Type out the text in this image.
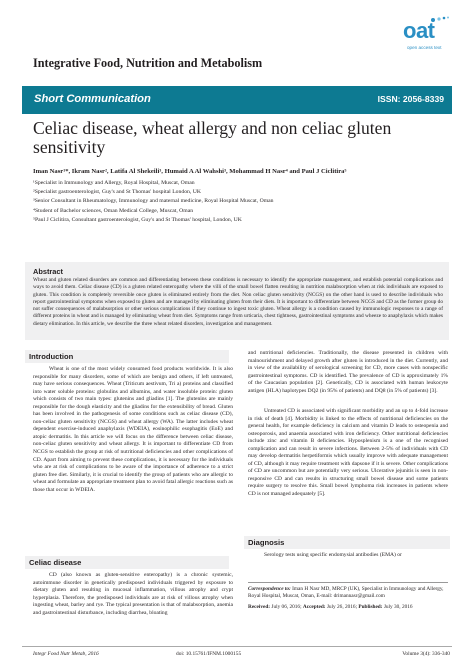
Integrative Food, Nutrition and Metabolism
oat
open access text
Short Communication	ISSN: 2056-8339
Celiac disease, wheat allergy and non celiac gluten sensitivity
Iman Nasr¹*, Ikram Nasr², Latifa Al Shekeili³, Humaid A Al Wahshi³, Mohammad H Nasr⁴ and Paul J Ciclitira⁵
¹Specialist in Immunology and Allergy, Royal Hospital, Muscat, Oman
²Specialist gastroenterologist, Guy's and St Thomas' hospital London, UK
³Senior Consultant in Rheumatology, Immunology and maternal medicine, Royal Hospital Muscat, Oman
⁴Student of Bachelor sciences, Oman Medical College, Muscat, Oman
⁵Paul J Ciclitira, Consultant gastroenterologist, Guy's and St Thomas' hospital, London, UK
Abstract
Wheat and gluten related disorders are common and differentiating between these conditions is necessary to identify the appropriate management, and establish potential complications and ways to avoid them. Celiac disease (CD) is a gluten related enteropathy where the villi of the small bowel flatten resulting in nutrition malabsorption when at risk individuals are exposed to gluten. This condition is completely reversible once gluten is eliminated entirely from the diet. Non celiac gluten sensitivity (NCGS) on the other hand is used to describe individuals who report gastrointestinal symptoms when exposed to gluten and are managed by eliminating gluten from their diets. It is important to differentiate between NCGS and CD as the former group do not suffer consequences of malabsorption or other serious complications if they continue to ingest toxic gluten. Wheat allergy is a condition caused by immunologic responses to a range of different proteins in wheat and is managed by eliminating wheat from diet. Symptoms range from urticaria, chest tightness, gastrointestinal symptoms and wheeze to anaphylaxis which makes dietary elimination. In this article, we describe the three wheat related disorders, investigation and management.
Introduction
Wheat is one of the most widely consumed food products worldwide. It is also responsible for many disorders, some of which are benign and others, if left untreated, may have serious consequences. Wheat (Triticum aestivum, Tri a) proteins and classified into water soluble proteins: globulins and albumins, and water insoluble protein: gluten which consists of two main types: glutenins and gliadins [1]. The glutenins are mainly responsible for the dough elasticity and the gliadins for the extensibility of bread. Gluten has been involved in the pathogenesis of some conditions such as celiac disease (CD), non-celiac gluten sensitivity (NCGS) and wheat allergy (WA). The latter includes wheat dependent exercise-induced anaphylaxis (WDEIA), eosinophilic esophagitis (EoE) and atopic dermatitis. In this article we will focus on the difference between celiac disease, non-celiac gluten sensitivity and wheat allergy. It is important to differentiate CD from NCGS to establish the group at risk of nutritional deficiencies and other complications of CD. Apart from aiming to prevent these complications, it is necessary for the individuals who are at risk of complications to be aware of the importance of adherence to a strict gluten free diet. Similarly, it is crucial to identify the group of patients who are allergic to wheat and formulate an appropriate treatment plan to avoid fatal allergic reactions such as those that occur in WDEIA.
Celiac disease
CD (also known as gluten-sensitive enteropathy) is a chronic systemic, autoimmune disorder in genetically predisposed individuals triggered by exposure to dietary gluten and resulting in mucosal inflammation, villous atrophy and crypt hyperplasia. Therefore, the predisposed individuals are at risk of villous atrophy when ingesting wheat, barley and rye. The typical presentation is that of malabsorption, anemia and gastrointestinal disturbance, including diarrhea, bloating
and nutritional deficiencies. Traditionally, the disease presented in children with malnourishment and delayed growth after gluten is introduced in the diet. Currently, and in view of the availability of serological screening for CD, more cases with nonspecific gastrointestinal symptoms. CD is identified. The prevalence of CD is approximately 1% of the Caucasian population [2]. Genetically, CD is associated with human leukocyte antigen (HLA) haplotypes DQ2 (in 95% of patients) and DQ8 (in 5% of patients) [3].
Untreated CD is associated with significant morbidity and an up to 4-fold increase in risk of death [4]. Morbidity is linked to the effects of nutritional deficiencies on the general health, for example deficiency in calcium and vitamin D leads to osteopenia and osteoporosis, and anaemia associated with iron deficiency. Other nutritional deficiencies include zinc and vitamin B deficiencies. Hyposplenism is a one of the recognised complication and can result in severe infections. Between 2-5% of individuals with CD may develop dermatitis herpetiformis which usually improve with adequate management of CD, although it may require treatment with dapsone if it is severe. Other complications of CD are uncommon but are potentially very serious. Ulcerative jejunitis is seen in non-responsive CD and can results in structuring small bowel disease and some patients require surgery to resolve this. Small bowel lymphoma risk increases in patients where CD is not managed adequately [5].
Diagnosis
Serology tests using specific endomysial antibodies (EMA) or
Correspondence to: Iman H Nasr MD, MRCP (UK), Specialist in Immunology and Allergy, Royal Hospital, Muscat, Oman, E-mail: drimannasr@gmail.com
Received: July 06, 2016; Accepted: July 26, 2016; Published: July 30, 2016
Integr Food Nutr Metab, 2016	doi: 10.15761/IFNM.1000155	Volume 3(4): 336-340
